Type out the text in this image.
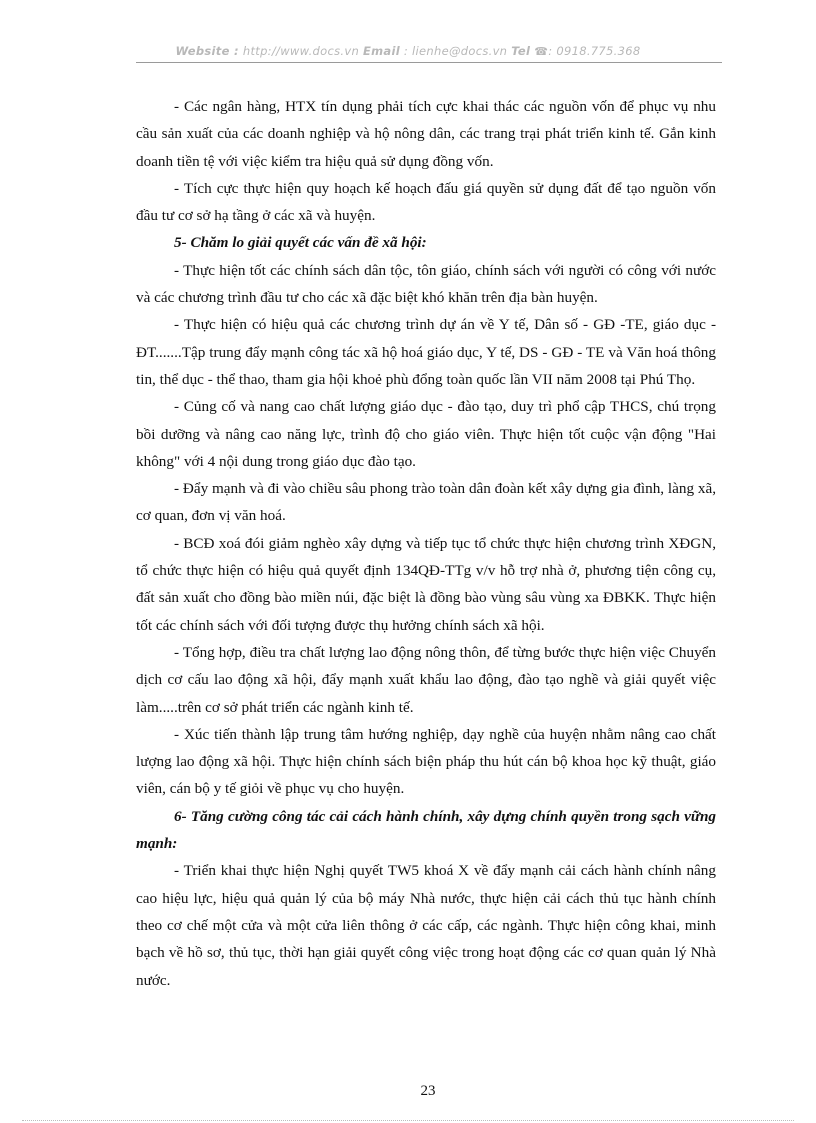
Website : http://www.docs.vn Email : lienhe@docs.vn Tel ☎: 0918.775.368

- Các ngân hàng, HTX tín dụng phải tích cực khai thác các nguồn vốn để phục vụ nhu cầu sản xuất của các doanh nghiệp và hộ nông dân, các trang trại phát triển kinh tế. Gắn kinh doanh tiền tệ với việc kiểm tra hiệu quả sử dụng đồng vốn.

- Tích cực thực hiện quy hoạch kế hoạch đấu giá quyền sử dụng đất để tạo nguồn vốn đầu tư cơ sở hạ tầng ở các xã và huyện.

5- Chăm lo giải quyết các vấn đề xã hội:

- Thực hiện tốt các chính sách dân tộc, tôn giáo, chính sách với người có công với nước và các chương trình đầu tư cho các xã đặc biệt khó khăn trên địa bàn huyện.

- Thực hiện có hiệu quả các chương trình dự án về Y tế, Dân số - GĐ -TE, giáo dục - ĐT.......Tập trung đẩy mạnh công tác xã hộ hoá giáo dục, Y tế, DS - GĐ - TE và Văn hoá thông tin, thể dục - thể thao, tham gia hội khoẻ phù đổng toàn quốc lần VII năm 2008 tại Phú Thọ.

- Củng cố và nang cao chất lượng giáo dục - đào tạo, duy trì phổ cập THCS, chú trọng bồi dưỡng và nâng cao năng lực, trình độ cho giáo viên. Thực hiện tốt cuộc vận động "Hai không" với 4 nội dung trong giáo dục đào tạo.

- Đẩy mạnh và đi vào chiều sâu phong trào toàn dân đoàn kết xây dựng gia đình, làng xã, cơ quan, đơn vị văn hoá.

- BCĐ xoá đói giảm nghèo xây dựng và tiếp tục tổ chức thực hiện chương trình XĐGN, tổ chức thực hiện có hiệu quả quyết định 134QĐ-TTg v/v hỗ trợ nhà ở, phương tiện công cụ, đất sản xuất cho đồng bào miền núi, đặc biệt là đồng bào vùng sâu vùng xa ĐBKK. Thực hiện tốt các chính sách với đối tượng được thụ hưởng chính sách xã hội.

- Tổng hợp, điều tra chất lượng lao động nông thôn, để từng bước thực hiện việc Chuyển dịch cơ cấu lao động xã hội, đẩy mạnh xuất khẩu lao động, đào tạo nghề và giải quyết việc làm.....trên cơ sở phát triển các ngành kinh tế.

- Xúc tiến thành lập trung tâm hướng nghiệp, dạy nghề của huyện nhằm nâng cao chất lượng lao động xã hội. Thực hiện chính sách biện pháp thu hút cán bộ khoa học kỹ thuật, giáo viên, cán bộ y tế giỏi về phục vụ cho huyện.

6- Tăng cường công tác cải cách hành chính, xây dựng chính quyền trong sạch vững mạnh:

- Triển khai thực hiện Nghị quyết TW5 khoá X về đẩy mạnh cải cách hành chính nâng cao hiệu lực, hiệu quả quản lý của bộ máy Nhà nước, thực hiện cải cách thủ tục hành chính theo cơ chế một cửa và một cửa liên thông ở các cấp, các ngành. Thực hiện công khai, minh bạch về hồ sơ, thủ tục, thời hạn giải quyết công việc trong hoạt động các cơ quan quản lý Nhà nước.

23
